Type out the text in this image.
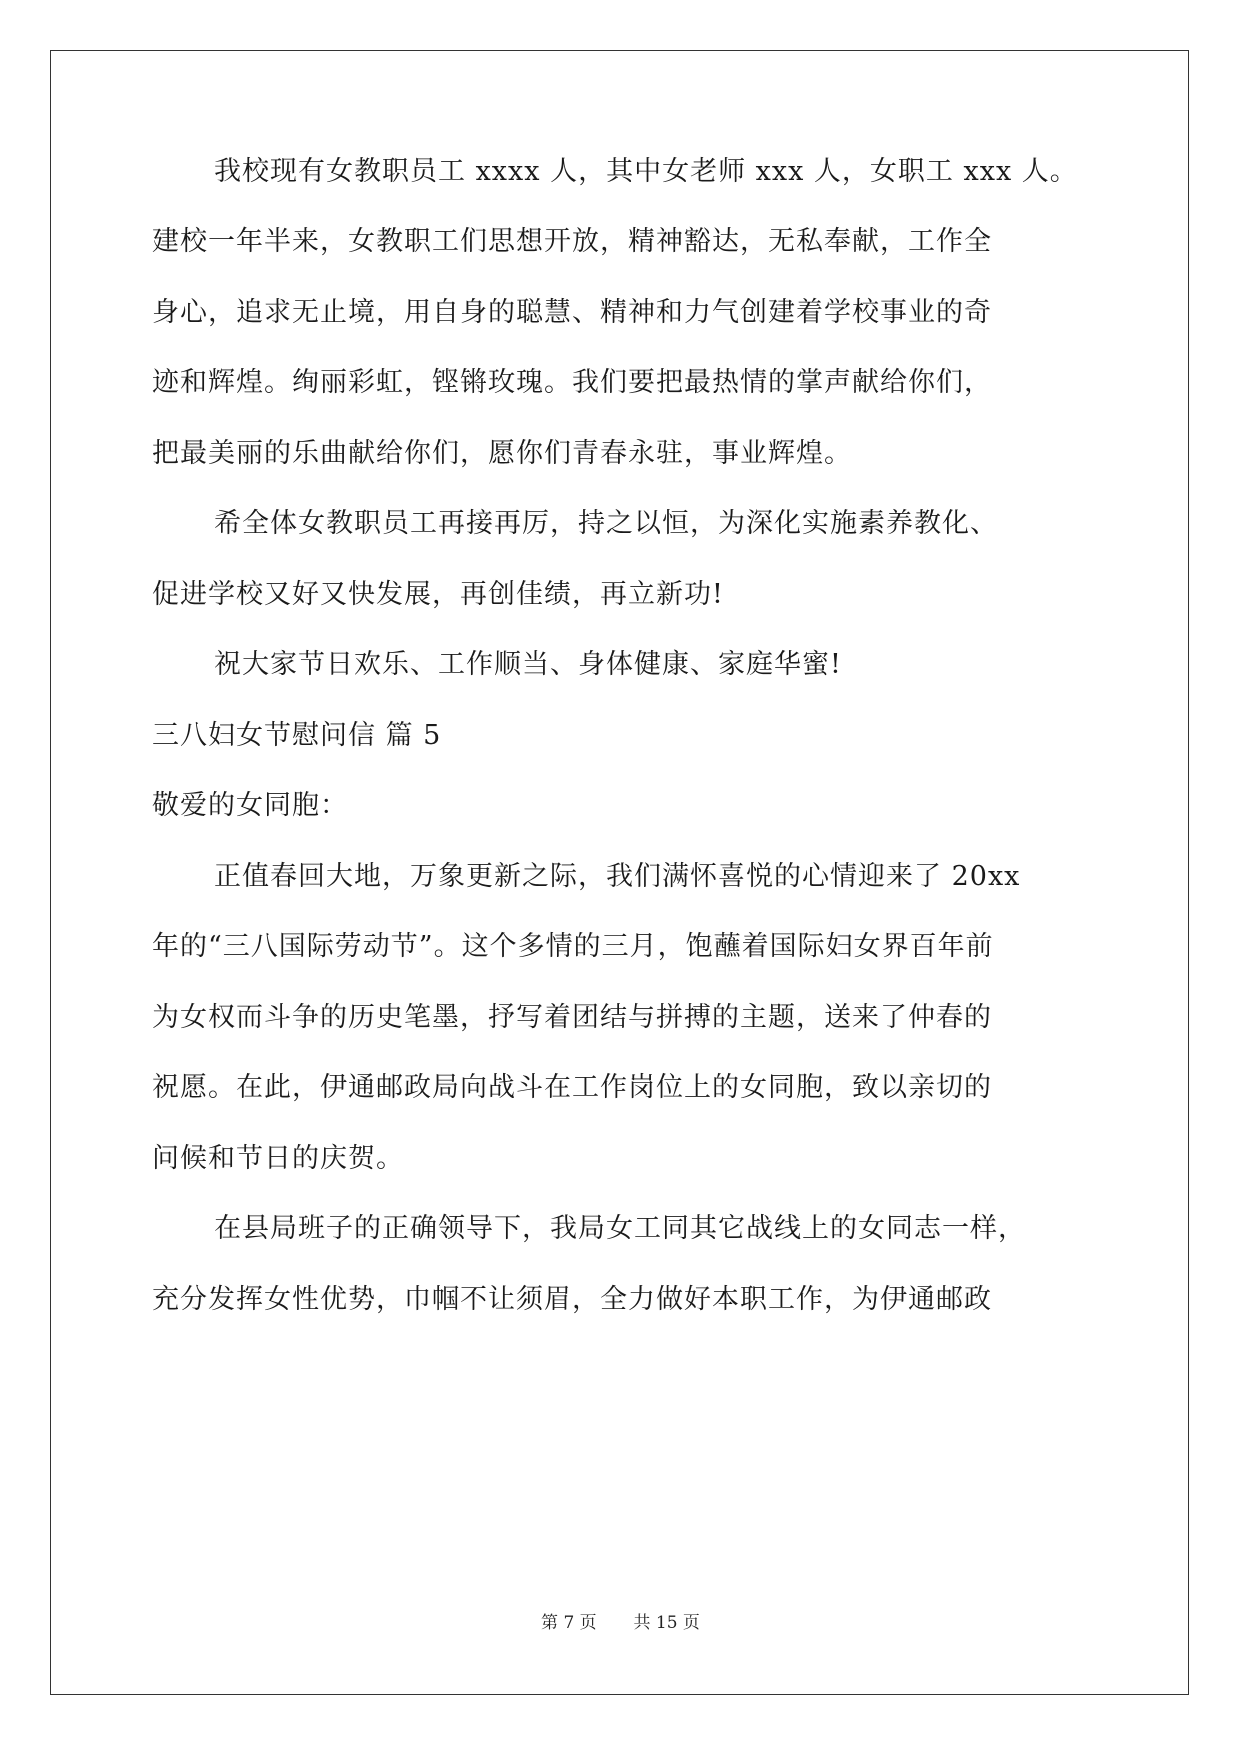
我校现有女教职员工 xxxx 人，其中女老师 xxx 人，女职工 xxx 人。
建校一年半来，女教职工们思想开放，精神豁达，无私奉献，工作全
身心，追求无止境，用自身的聪慧、精神和力气创建着学校事业的奇
迹和辉煌。绚丽彩虹，铿锵玫瑰。我们要把最热情的掌声献给你们，
把最美丽的乐曲献给你们，愿你们青春永驻，事业辉煌。
希全体女教职员工再接再厉，持之以恒，为深化实施素养教化、
促进学校又好又快发展，再创佳绩，再立新功!
祝大家节日欢乐、工作顺当、身体健康、家庭华蜜!
三八妇女节慰问信 篇 5
敬爱的女同胞：
正值春回大地，万象更新之际，我们满怀喜悦的心情迎来了 20xx
年的“三八国际劳动节”。这个多情的三月，饱蘸着国际妇女界百年前
为女权而斗争的历史笔墨，抒写着团结与拼搏的主题，送来了仲春的
祝愿。在此，伊通邮政局向战斗在工作岗位上的女同胞，致以亲切的
问候和节日的庆贺。
在县局班子的正确领导下，我局女工同其它战线上的女同志一样，
充分发挥女性优势，巾帼不让须眉，全力做好本职工作，为伊通邮政
第 7 页 共 15 页
